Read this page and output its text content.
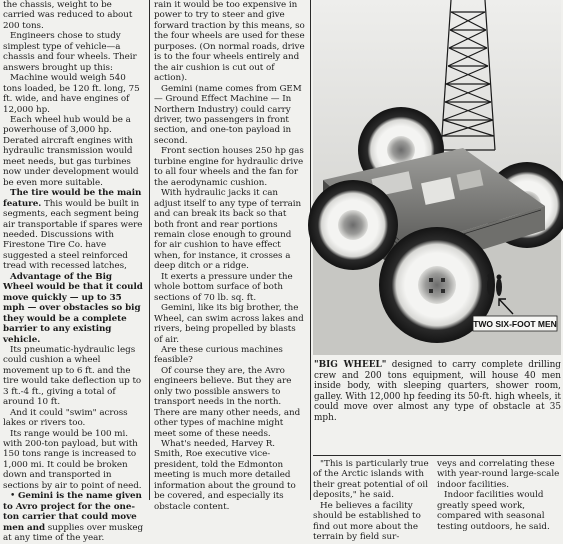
the chassis, weight to be carried was reduced to about 200 tons.

Engineers chose to study simplest type of vehicle—a chassis and four wheels. Their answers brought up this:

Machine would weigh 540 tons loaded, be 120 ft. long, 75 ft. wide, and have engines of 12,000 hp.

Each wheel hub would be a powerhouse of 3,000 hp. Derated aircraft engines with hydraulic transmission would meet needs, but gas turbines now under development would be even more suitable.

The tire would be the main feature. This would be built in segments, each segment being air transportable if spares were needed. Discussions with Firestone Tire Co. have suggested a steel reinforced tread with recessed latches,

Advantage of the Big Wheel would be that it could move quickly — up to 35 mph — over obstacles so big they would be a complete barrier to any existing vehicle.

Its pneumatic-hydraulic legs could cushion a wheel movement up to 6 ft. and the tire would take deflection up to 3 ft.-4 ft., giving a total of around 10 ft.

And it could "swim" across lakes or rivers too.

Its range would be 100 mi. with 200-ton payload, but with 150 tons range is increased to 1,000 mi. It could be broken down and transported in sections by air to point of need.

• Gemini is the name given to Avro project for the one-ton carrier that could move men and supplies over muskeg at any time of the year.

rain it would be too expensive in power to try to steer and give forward traction by this means, so the four wheels are used for these purposes. (On normal roads, drive is to the four wheels entirely and the air cushion is cut out of action).

Gemini (name comes from GEM — Ground Effect Machine — In Northern Industry) could carry driver, two passengers in front section, and one-ton payload in second.

Front section houses 250 hp gas turbine engine for hydraulic drive to all four wheels and the fan for the aerodynamic cushion.

With hydraulic jacks it can adjust itself to any type of terrain and can break its back so that both front and rear portions remain close enough to ground for air cushion to have effect when, for instance, it crosses a deep ditch or a ridge.

It exerts a pressure under the whole bottom surface of both sections of 70 lb. sq. ft.

Gemini, like its big brother, the Wheel, can swim across lakes and rivers, being propelled by blasts of air.

Are these curious machines feasible?

Of course they are, the Avro engineers believe. But they are only two possible answers to transport needs in the north. There are many other needs, and other types of machine might meet some of these needs.

What's needed, Harvey R. Smith, Roe executive vice-president, told the Edmonton meeting is much more detailed information about the ground to be covered, and especially its obstacle content.

TWO SIX-FOOT MEN
"BIG WHEEL" designed to carry complete drilling crew and 200 tons equipment, will house 40 men inside body, with sleeping quarters, shower room, galley. With 12,000 hp feeding its 50-ft. high wheels, it could move over almost any type of obstacle at 35 mph.

"This is particularly true of the Arctic islands with their great potential of oil deposits," he said.

He believes a facility should be established to find out more about the terrain by field sur-

veys and correlating these with year-round large-scale indoor facilities.

Indoor facilities would greatly speed work, compared with seasonal testing outdoors, he said.
